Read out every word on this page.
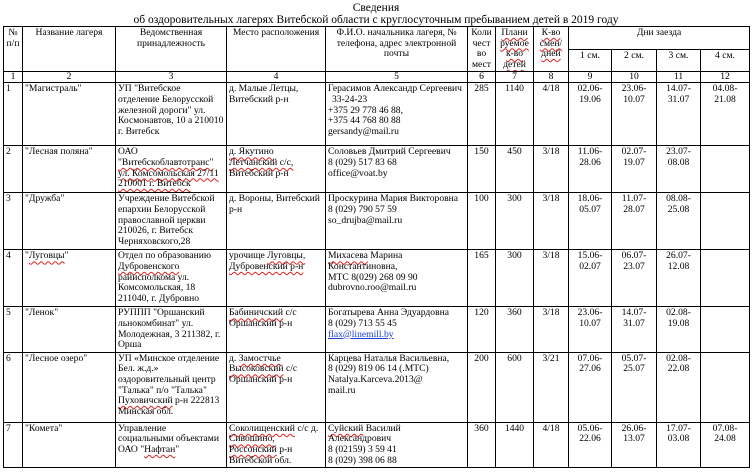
Сведения
об оздоровительных лагерях Витебской области с круглосуточным пребыванием детей в 2019 году
№ п/п	Название лагеря	Ведомственная принадлежность	Место расположения	Ф.И.О. начальника лагеря, № телефона, адрес электронной почты	Коли чест во мест	Плани руемое к-во детей	К-во смен/ дней	Дни заезда			
								1 см.	2 см.	3 см.	4 см.
1	2	3	4	5	6	7	8	9	10	11	12
1	"Магистраль"	УП "Витебское отделение Белорусской железной дороги" ул. Космонавтов, 10 а 210010 г. Витебск	д. Малые Летцы, Витебский р-н	Герасимов Александр Сергеевич
33-24-23
+375 29 778 46 88,
+375 44 768 80 88
gersandy@mail.ru	285	1140	4/18	02.06-19.06	23.06-10.07	14.07-31.07	04.08-21.08
2	"Лесная поляна"	ОАО "Витебскоблавтотранс" ул. Комсомольская 27/11 210001 г. Витебск	д. Якутино Летчанский с/с, Витебский р-н	Соловьев Дмитрий Сергеевич
8 (029) 517 83 68
office@voat.by	150	450	3/18	11.06-28.06	02.07-19.07	23.07-08.08	
3	"Дружба"	Учреждение Витебской епархии Белорусской православной церкви 210026, г. Витебск Черняховского,28	д. Вороны, Витебский р-н	Проскурина Мария Викторовна
8 (029) 790 57 59
so_drujba@mail.ru	100	300	3/18	18.06-05.07	11.07-28.07	08.08-25.08	
4	"Луговцы"	Отдел по образованию Дубровенского райисполкома ул. Комсомольская, 18 211040, г. Дубровно	урочище Луговцы, Дубровенский р-н	Михасева Марина Константиновна,
МТС 8(029) 268 09 90
dubrovno.roo@mail.ru	165	300	3/18	15.06-02.07	06.07-23.07	26.07-12.08	
5	"Ленок"	РУППП "Оршанский льнокомбинат" ул. Молодежная, 3 211382, г. Орша	Бабиничский с/с Оршанский р-н	Богатырева Анна Эдуардовна
8 (029) 713 55 45
flax@linemill.by	120	360	3/18	23.06-10.07	14.07-31.07	02.08-19.08	
6	"Лесное озеро"	УП «Минское отделение Бел. ж.д.» оздоровительный центр "Талька" п/о "Талька" Пуховичский р-н 222813 Минская обл.	д. Замостчье Высоковский с/с Оршанский р-н	Карцева Наталья Васильевна,
8 (029) 819 06 14 (.МТС)
Natalya.Karceva.2013@
mail.ru	200	600	3/21	07.06-27.06	05.07-25.07	02.08-22.08	
7	"Комета"	Управление социальными объектами ОАО "Нафтан"	Соколищенский с/с д. Сивошино, Россонский р-н Витебской обл.	Суйский Василий Александрович
8 (02159) 3 59 41
8 (029) 398 06 88	360	1440	4/18	05.06-22.06	26.06-13.07	17.07-03.08	07.08-24.08
